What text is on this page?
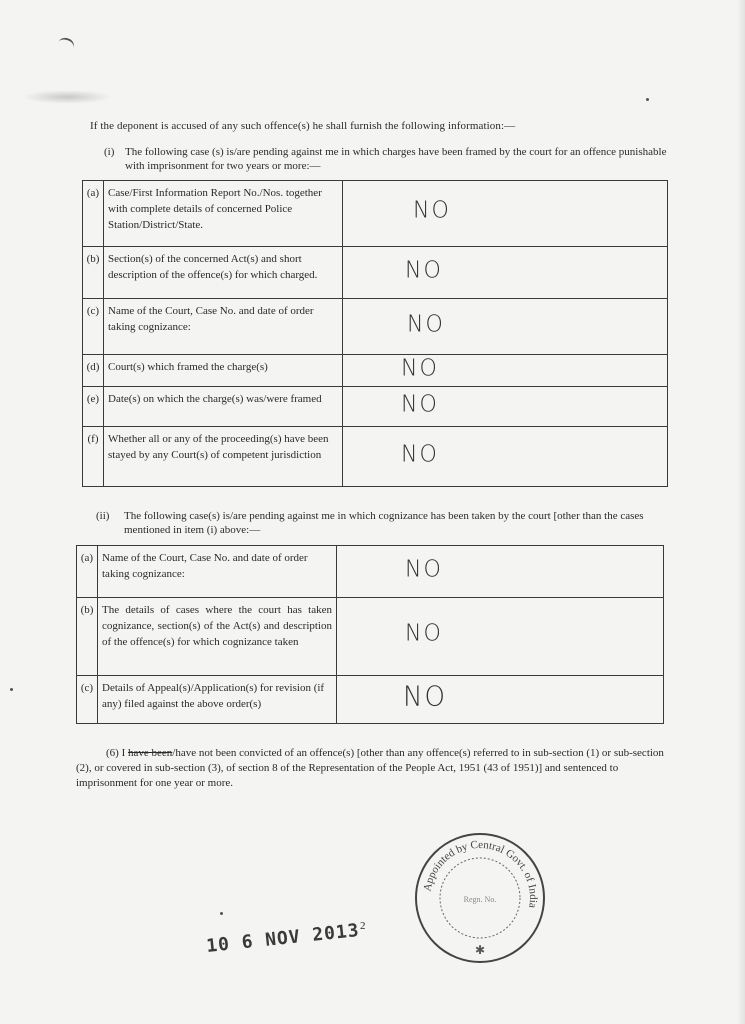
If the deponent is accused of any such offence(s) he shall furnish the following information:—
(i) The following case (s) is/are pending against me in which charges have been framed by the court for an offence punishable with imprisonment for two years or more:—
(a)	Case/First Information Report No./Nos. together with complete details of concerned Police Station/District/State.	NO
(b)	Section(s) of the concerned Act(s) and short description of the offence(s) for which charged.	NO
(c)	Name of the Court, Case No. and date of order taking cognizance:	NO
(d)	Court(s) which framed the charge(s)	NO
(e)	Date(s) on which the charge(s) was/were framed	NO
(f)	Whether all or any of the proceeding(s) have been stayed by any Court(s) of competent jurisdiction	NO
(ii) The following case(s) is/are pending against me in which cognizance has been taken by the court [other than the cases mentioned in item (i) above:—
(a)	Name of the Court, Case No. and date of order taking cognizance:	NO
(b)	The details of cases where the court has taken cognizance, section(s) of the Act(s) and description of the offence(s) for which cognizance taken	NO
(c)	Details of Appeal(s)/Application(s) for revision (if any) filed against the above order(s)	NO
(6) I have been/have not been convicted of an offence(s) [other than any offence(s) referred to in sub-section (1) or sub-section (2), or covered in sub-section (3), of section 8 of the Representation of the People Act, 1951 (43 of 1951)] and sentenced to imprisonment for one year or more.
2
10 6 NOV 2013
Appointed by Central Govt. of India
Regn. No.
✱
